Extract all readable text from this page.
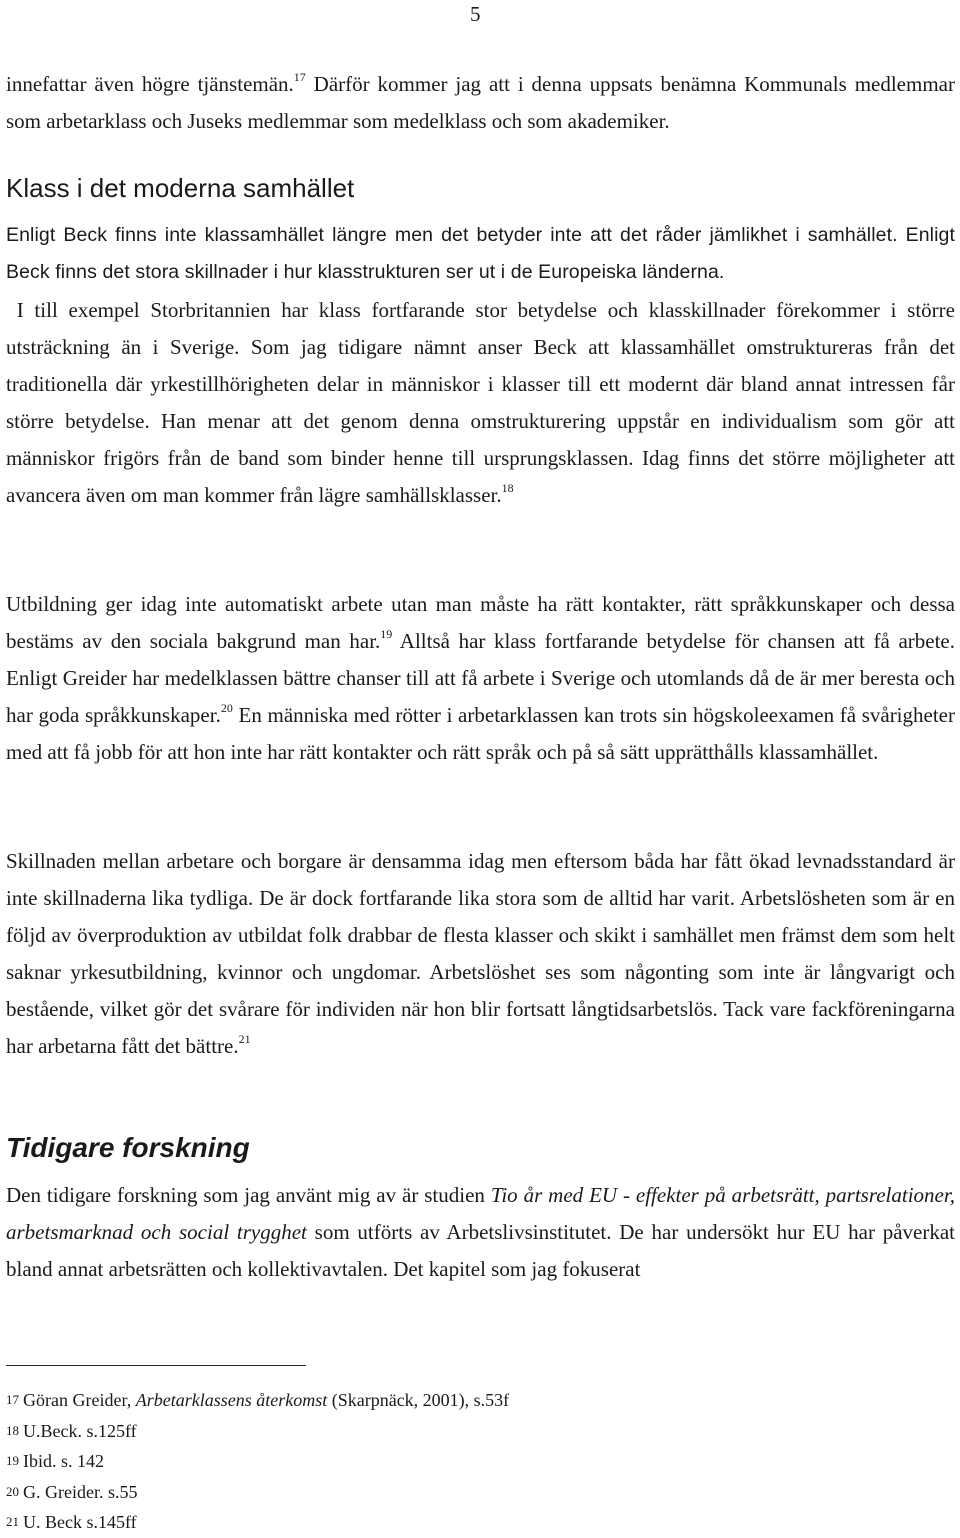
5

innefattar även högre tjänstemän.$^{17}$ Därför kommer jag att i denna uppsats benämna Kommunals medlemmar som arbetarklass och Juseks medlemmar som medelklass och som akademiker.

Klass i det moderna samhället

Enligt Beck finns inte klassamhället längre men det betyder inte att det råder jämlikhet i samhället. Enligt Beck finns det stora skillnader i hur klasstrukturen ser ut i de Europeiska länderna.

I till exempel Storbritannien har klass fortfarande stor betydelse och klasskillnader förekommer i större utsträckning än i Sverige. Som jag tidigare nämnt anser Beck att klassamhället omstruktureras från det traditionella där yrkestillhörigheten delar in människor i klasser till ett modernt där bland annat intressen får större betydelse. Han menar att det genom denna omstrukturering uppstår en individualism som gör att människor frigörs från de band som binder henne till ursprungsklassen. Idag finns det större möjligheter att avancera även om man kommer från lägre samhällsklasser.$^{18}$

Utbildning ger idag inte automatiskt arbete utan man måste ha rätt kontakter, rätt språkkunskaper och dessa bestäms av den sociala bakgrund man har.$^{19}$ Alltså har klass fortfarande betydelse för chansen att få arbete. Enligt Greider har medelklassen bättre chanser till att få arbete i Sverige och utomlands då de är mer beresta och har goda språkkunskaper.$^{20}$ En människa med rötter i arbetarklassen kan trots sin högskoleexamen få svårigheter med att få jobb för att hon inte har rätt kontakter och rätt språk och på så sätt upprätthålls klassamhället.

Skillnaden mellan arbetare och borgare är densamma idag men eftersom båda har fått ökad levnadsstandard är inte skillnaderna lika tydliga. De är dock fortfarande lika stora som de alltid har varit. Arbetslösheten som är en följd av överproduktion av utbildat folk drabbar de flesta klasser och skikt i samhället men främst dem som helt saknar yrkesutbildning, kvinnor och ungdomar. Arbetslöshet ses som någonting som inte är långvarigt och bestående, vilket gör det svårare för individen när hon blir fortsatt långtidsarbetslös. Tack vare fackföreningarna har arbetarna fått det bättre.$^{21}$

Tidigare forskning

Den tidigare forskning som jag använt mig av är studien Tio år med EU - effekter på arbetsrätt, partsrelationer, arbetsmarknad och social trygghet som utförts av Arbetslivsinstitutet. De har undersökt hur EU har påverkat bland annat arbetsrätten och kollektivavtalen. Det kapitel som jag fokuserat

17 Göran Greider, Arbetarklassens återkomst (Skarpnäck, 2001), s.53f
18 U.Beck. s.125ff
19 Ibid. s. 142
20 G. Greider. s.55
21 U. Beck s.145ff
